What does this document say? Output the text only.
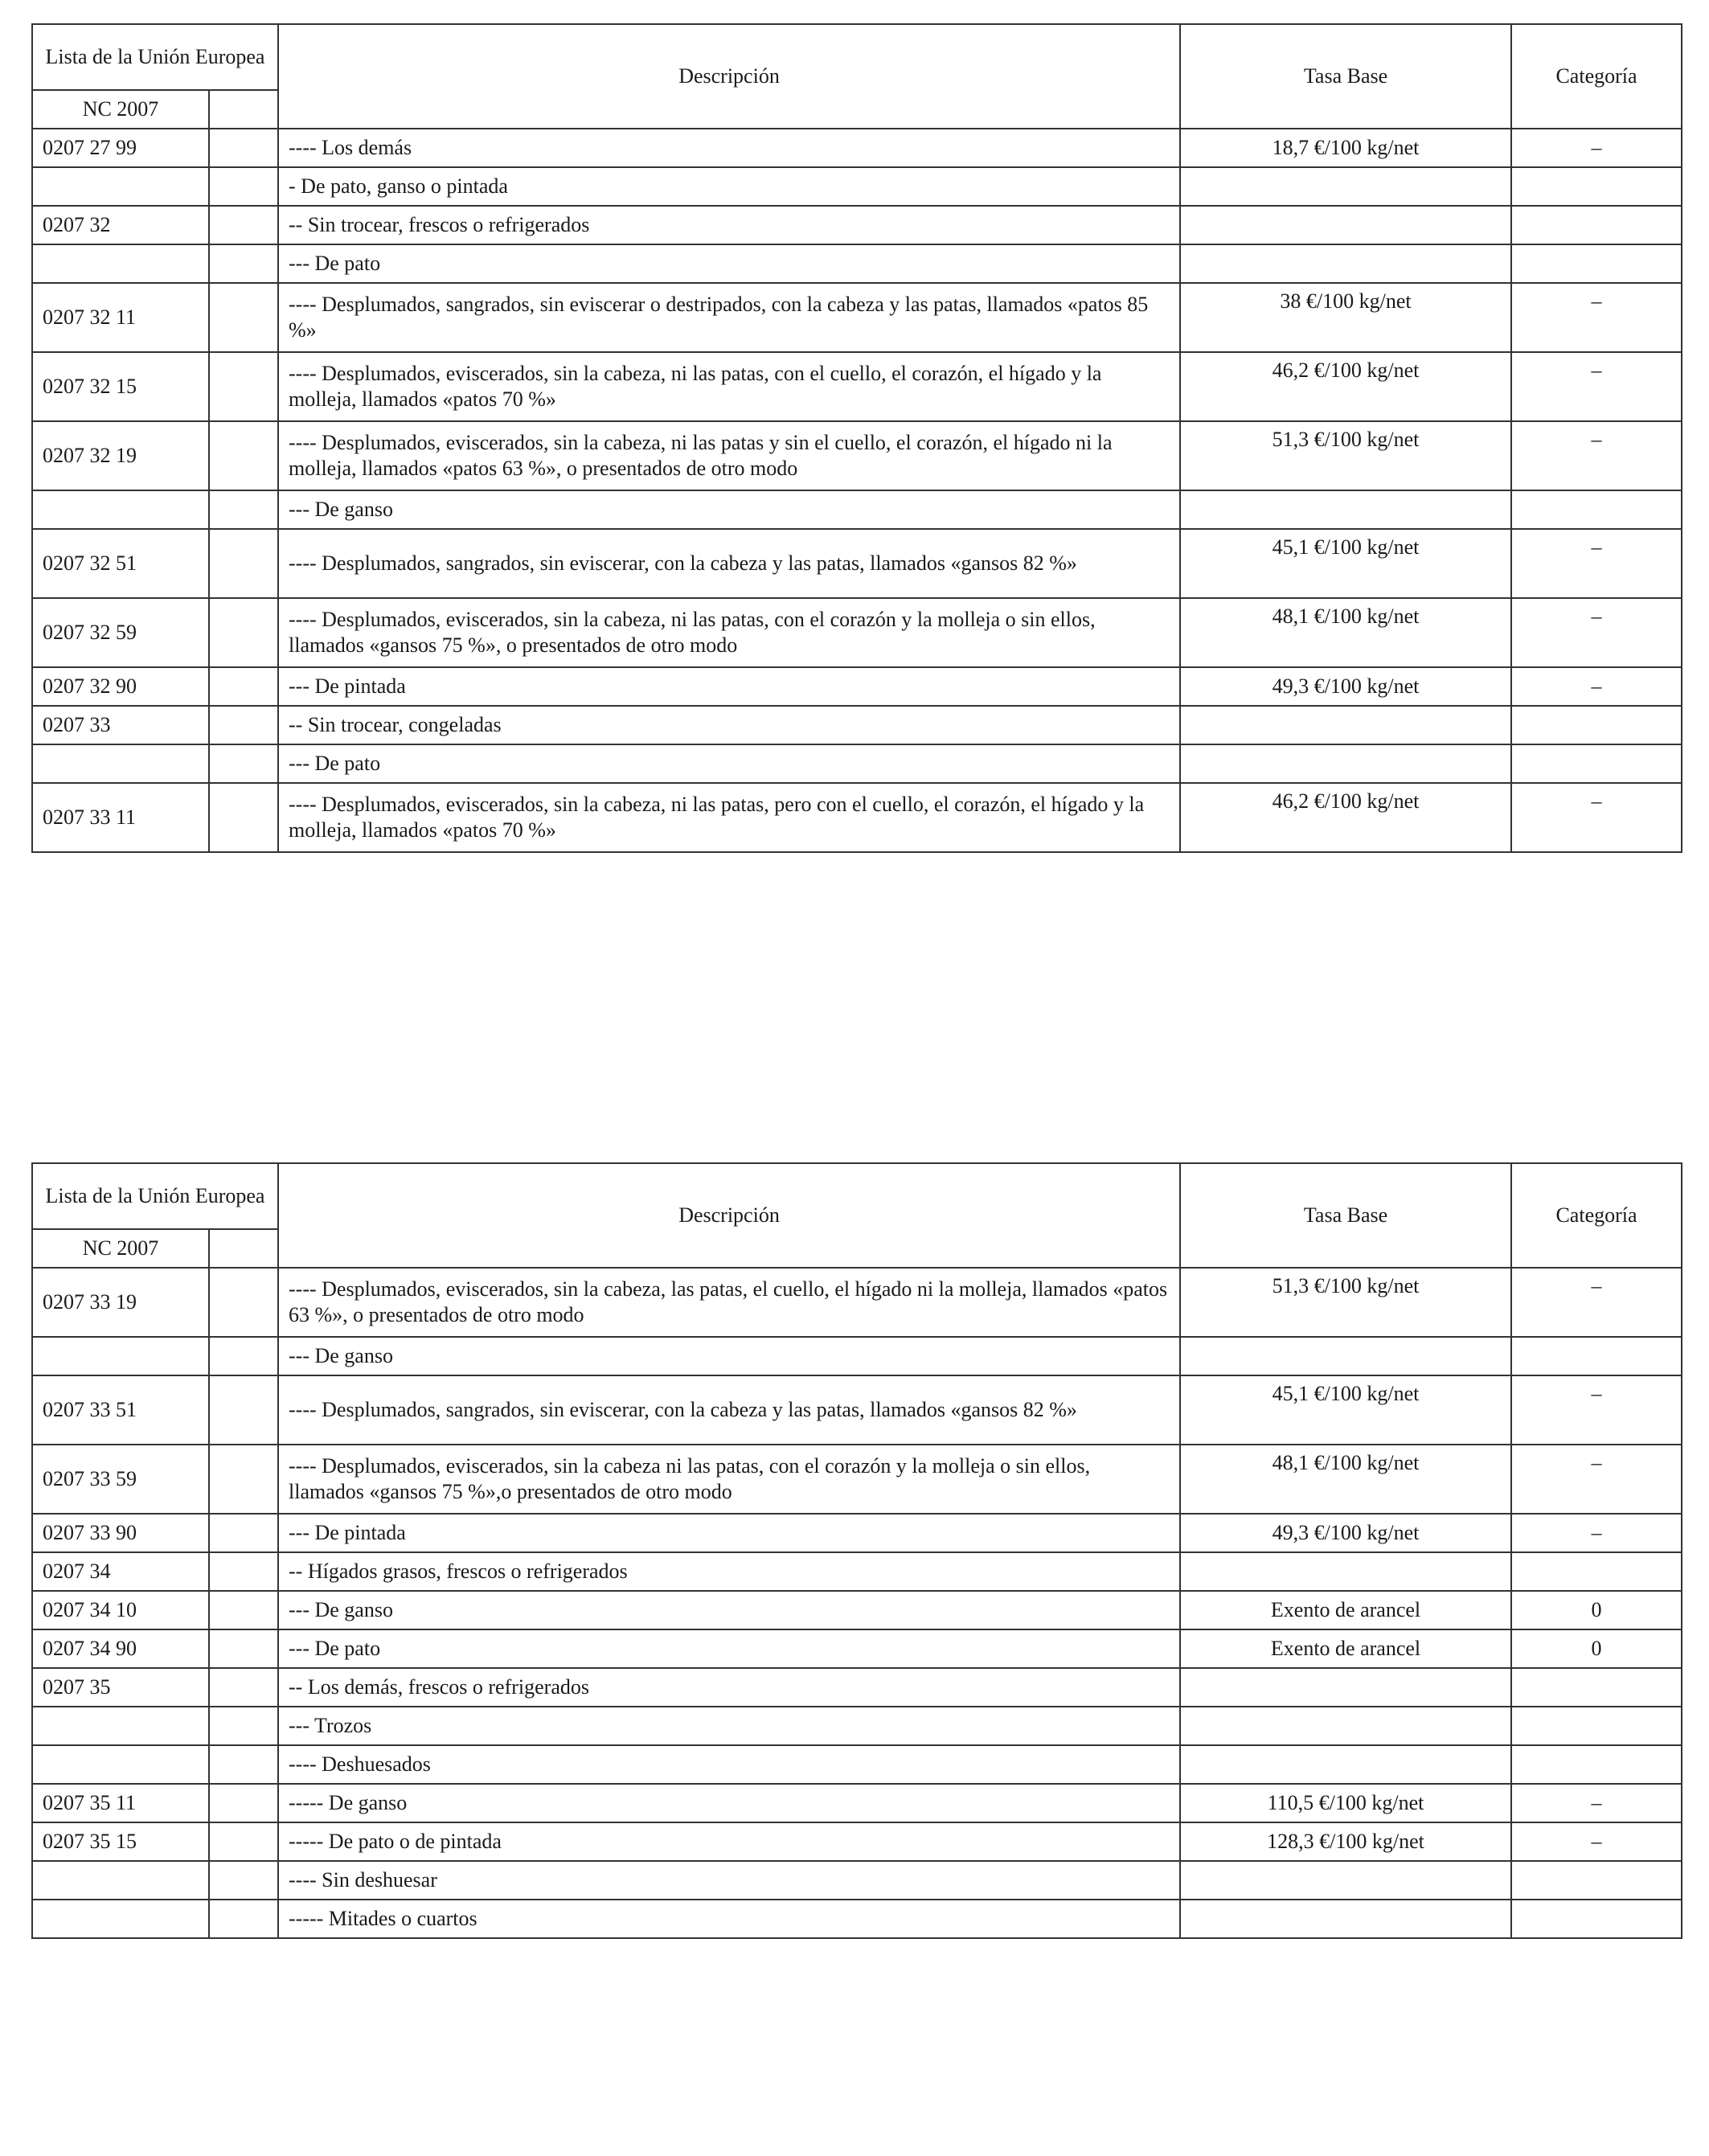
Lista de la Unión Europea		Descripción	Tasa Base	Categoría
NC 2007				
0207 27 99		---- Los demás	18,7 €/100 kg/net	–
		- De pato, ganso o pintada		
0207 32		-- Sin trocear, frescos o refrigerados		
		--- De pato		
0207 32 11		---- Desplumados, sangrados, sin eviscerar o destripados, con la cabeza y las patas, llamados «patos 85 %»	38 €/100 kg/net	–
0207 32 15		---- Desplumados, eviscerados, sin la cabeza, ni las patas, con el cuello, el corazón, el hígado y la molleja, llamados «patos 70 %»	46,2 €/100 kg/net	–
0207 32 19		---- Desplumados, eviscerados, sin la cabeza, ni las patas y sin el cuello, el corazón, el hígado ni la molleja, llamados «patos 63 %», o presentados de otro modo	51,3 €/100 kg/net	–
		--- De ganso		
0207 32 51		---- Desplumados, sangrados, sin eviscerar, con la cabeza y las patas, llamados «gansos 82 %»	45,1 €/100 kg/net	–
0207 32 59		---- Desplumados, eviscerados, sin la cabeza, ni las patas, con el corazón y la molleja o sin ellos, llamados «gansos 75 %», o presentados de otro modo	48,1 €/100 kg/net	–
0207 32 90		--- De pintada	49,3 €/100 kg/net	–
0207 33		-- Sin trocear, congeladas		
		--- De pato		
0207 33 11		---- Desplumados, eviscerados, sin la cabeza, ni las patas, pero con el cuello, el corazón, el hígado y la molleja, llamados «patos 70 %»	46,2 €/100 kg/net	–
Lista de la Unión Europea		Descripción	Tasa Base	Categoría
NC 2007				
0207 33 19		---- Desplumados, eviscerados, sin la cabeza, las patas, el cuello, el hígado ni la molleja, llamados «patos 63 %», o presentados de otro modo	51,3 €/100 kg/net	–
		--- De ganso		
0207 33 51		---- Desplumados, sangrados, sin eviscerar, con la cabeza y las patas, llamados «gansos 82 %»	45,1 €/100 kg/net	–
0207 33 59		---- Desplumados, eviscerados, sin la cabeza ni las patas, con el corazón y la molleja o sin ellos, llamados «gansos 75 %»,o presentados de otro modo	48,1 €/100 kg/net	–
0207 33 90		--- De pintada	49,3 €/100 kg/net	–
0207 34		-- Hígados grasos, frescos o refrigerados		
0207 34 10		--- De ganso	Exento de arancel	0
0207 34 90		--- De pato	Exento de arancel	0
0207 35		-- Los demás, frescos o refrigerados		
		--- Trozos		
		---- Deshuesados		
0207 35 11		----- De ganso	110,5 €/100 kg/net	–
0207 35 15		----- De pato o de pintada	128,3 €/100 kg/net	–
		---- Sin deshuesar		
		----- Mitades o cuartos		
